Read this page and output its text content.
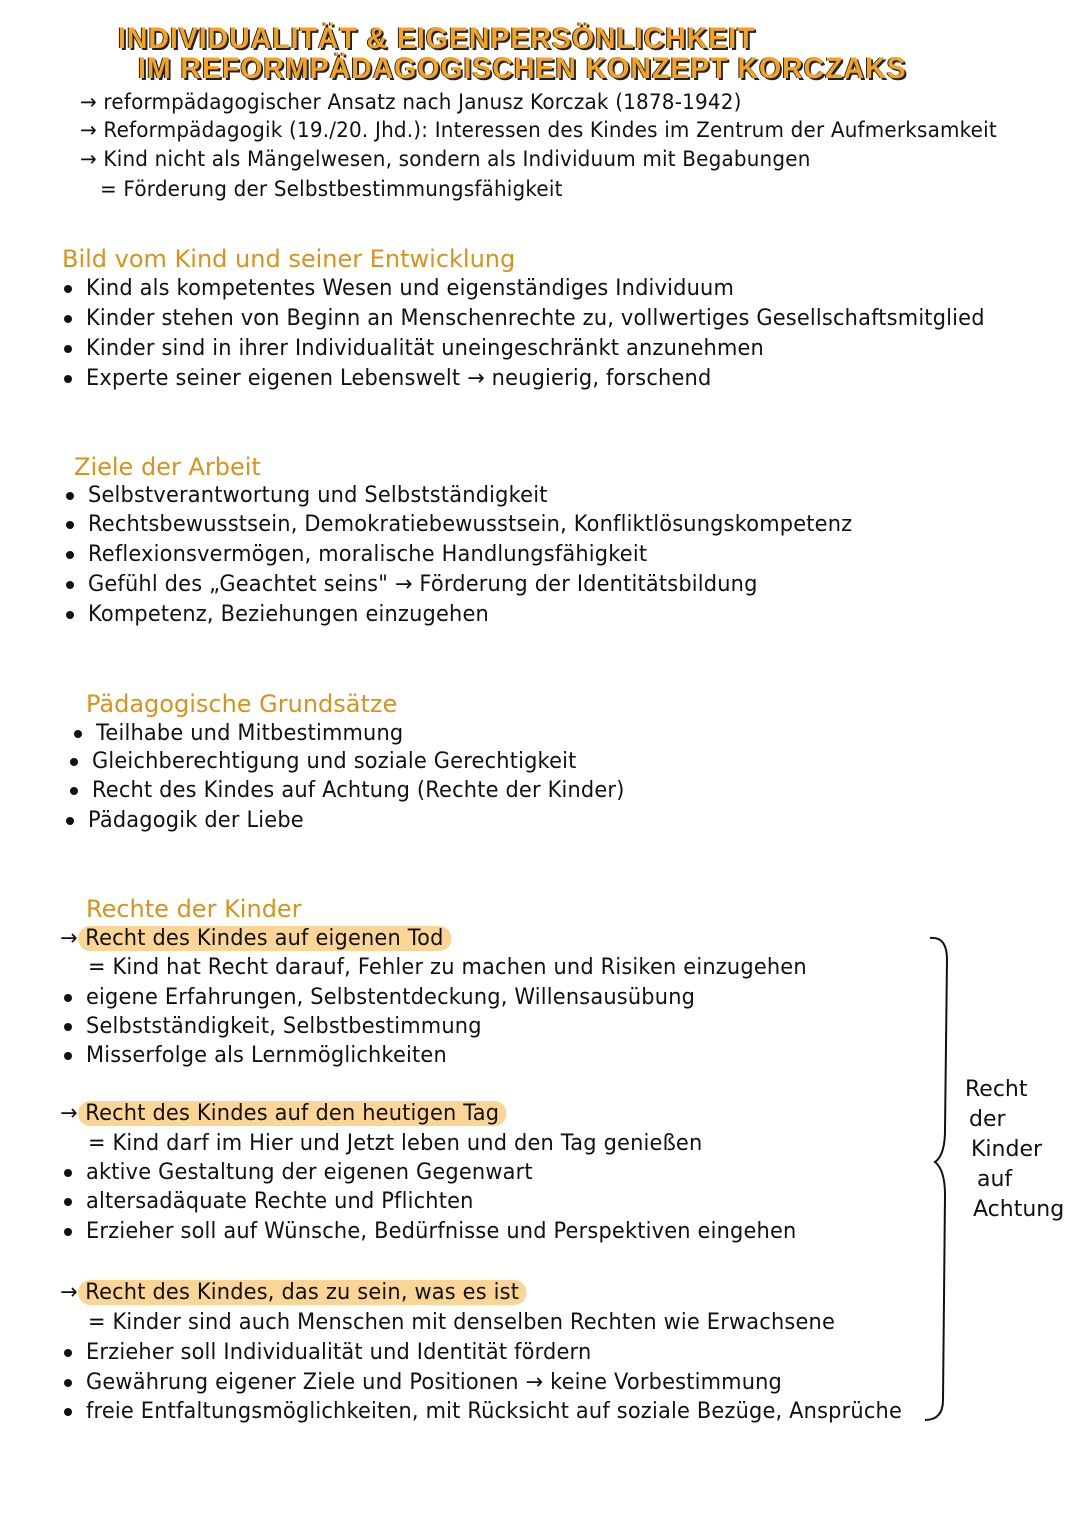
INDIVIDUALITÄT & EIGENPERSÖNLICHKEIT
IM REFORMPÄDAGOGISCHEN KONZEPT KORCZAKS
→ reformpädagogischer Ansatz nach Janusz Korczak (1878-1942)
→ Reformpädagogik (19./20. Jhd.): Interessen des Kindes im Zentrum der Aufmerksamkeit
→ Kind nicht als Mängelwesen, sondern als Individuum mit Begabungen
= Förderung der Selbstbestimmungsfähigkeit
Bild vom Kind und seiner Entwicklung
Kind als kompetentes Wesen und eigenständiges Individuum
Kinder stehen von Beginn an Menschenrechte zu, vollwertiges Gesellschaftsmitglied
Kinder sind in ihrer Individualität uneingeschränkt anzunehmen
Experte seiner eigenen Lebenswelt → neugierig, forschend
Ziele der Arbeit
Selbstverantwortung und Selbstständigkeit
Rechtsbewusstsein, Demokratiebewusstsein, Konfliktlösungskompetenz
Reflexionsvermögen, moralische Handlungsfähigkeit
Gefühl des „Geachtet seins" → Förderung der Identitätsbildung
Kompetenz, Beziehungen einzugehen
Pädagogische Grundsätze
Teilhabe und Mitbestimmung
Gleichberechtigung und soziale Gerechtigkeit
Recht des Kindes auf Achtung (Rechte der Kinder)
Pädagogik der Liebe
Rechte der Kinder
→ Recht des Kindes auf eigenen Tod
= Kind hat Recht darauf, Fehler zu machen und Risiken einzugehen
eigene Erfahrungen, Selbstentdeckung, Willensausübung
Selbstständigkeit, Selbstbestimmung
Misserfolge als Lernmöglichkeiten
→ Recht des Kindes auf den heutigen Tag
= Kind darf im Hier und Jetzt leben und den Tag genießen
aktive Gestaltung der eigenen Gegenwart
altersadäquate Rechte und Pflichten
Erzieher soll auf Wünsche, Bedürfnisse und Perspektiven eingehen
→ Recht des Kindes, das zu sein, was es ist
= Kinder sind auch Menschen mit denselben Rechten wie Erwachsene
Erzieher soll Individualität und Identität fördern
Gewährung eigener Ziele und Positionen → keine Vorbestimmung
freie Entfaltungsmöglichkeiten, mit Rücksicht auf soziale Bezüge, Ansprüche
Recht
der
Kinder
auf
Achtung
